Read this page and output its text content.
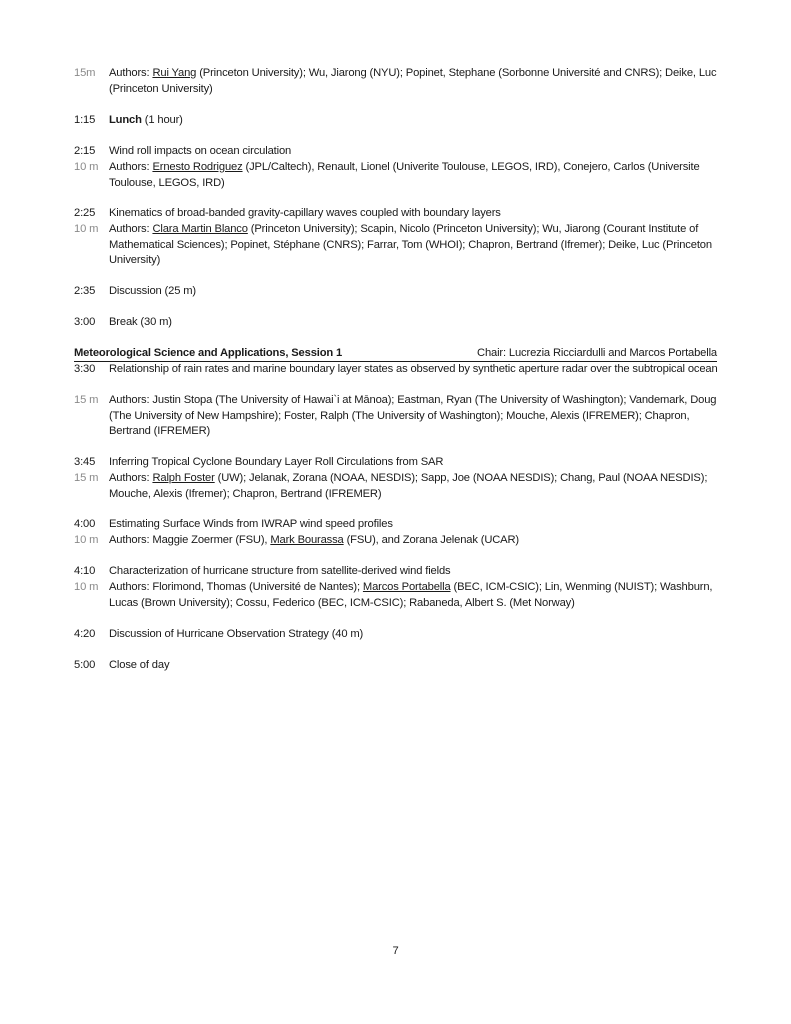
15m	Authors: Rui Yang (Princeton University); Wu, Jiarong (NYU); Popinet, Stephane (Sorbonne Université and CNRS); Deike, Luc (Princeton University)
1:15	Lunch (1 hour)
2:15	Wind roll impacts on ocean circulation
10 m Authors: Ernesto Rodriguez (JPL/Caltech), Renault, Lionel (Univerite Toulouse, LEGOS, IRD), Conejero, Carlos (Universite Toulouse, LEGOS, IRD)
2:25	Kinematics of broad-banded gravity-capillary waves coupled with boundary layers
10 m Authors: Clara Martin Blanco (Princeton University); Scapin, Nicolo (Princeton University); Wu, Jiarong (Courant Institute of Mathematical Sciences); Popinet, Stéphane (CNRS); Farrar, Tom (WHOI); Chapron, Bertrand (Ifremer); Deike, Luc (Princeton University)
2:35	Discussion (25 m)
3:00	Break (30 m)
Meteorological Science and Applications, Session 1	Chair: Lucrezia Ricciardulli and Marcos Portabella
3:30	Relationship of rain rates and marine boundary layer states as observed by synthetic aperture radar over the subtropical ocean
15 m Authors: Justin Stopa (The University of Hawai`i at Mānoa); Eastman, Ryan (The University of Washington); Vandemark, Doug (The University of New Hampshire); Foster, Ralph (The University of Washington); Mouche, Alexis (IFREMER); Chapron, Bertrand (IFREMER)
3:45	Inferring Tropical Cyclone Boundary Layer Roll Circulations from SAR
15 m Authors: Ralph Foster (UW); Jelanak, Zorana (NOAA, NESDIS); Sapp, Joe (NOAA NESDIS); Chang, Paul (NOAA NESDIS); Mouche, Alexis (Ifremer); Chapron, Bertrand (IFREMER)
4:00	Estimating Surface Winds from IWRAP wind speed profiles
10 m Authors: Maggie Zoermer (FSU), Mark Bourassa (FSU), and Zorana Jelenak (UCAR)
4:10	Characterization of hurricane structure from satellite-derived wind fields
10 m Authors: Florimond, Thomas (Université de Nantes); Marcos Portabella (BEC, ICM-CSIC); Lin, Wenming (NUIST); Washburn, Lucas (Brown University); Cossu, Federico (BEC, ICM-CSIC); Rabaneda, Albert S. (Met Norway)
4:20	Discussion of Hurricane Observation Strategy (40 m)
5:00	Close of day
7
